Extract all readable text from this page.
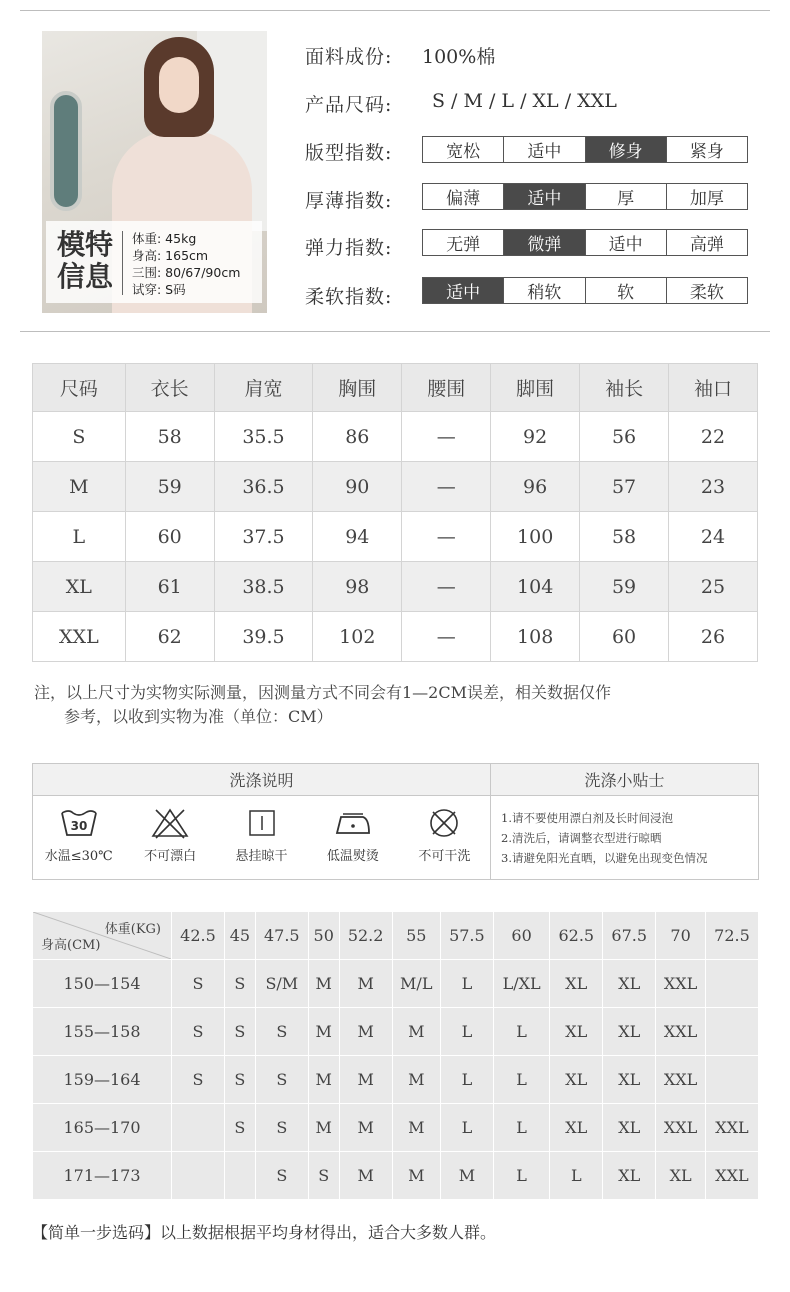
模特
信息
体重: 45kg
身高: 165cm
三围: 80/67/90cm
试穿: S码
面料成份: 100%棉
产品尺码: S / M / L / XL / XXL
版型指数:	宽松	适中	修身	紧身
厚薄指数:	偏薄	适中	厚	加厚
弹力指数:	无弹	微弹	适中	高弹
柔软指数:	适中	稍软	软	柔软
尺码	衣长	肩宽	胸围	腰围	脚围	袖长	袖口
S	58	35.5	86	—	92	56	22
M	59	36.5	90	—	96	57	23
L	60	37.5	94	—	100	58	24
XL	61	38.5	98	—	104	59	25
XXL	62	39.5	102	—	108	60	26
注，以上尺寸为实物实际测量，因测量方式不同会有1—2CM误差，相关数据仅作
参考，以收到实物为准（单位：CM）
洗涤说明	洗涤小贴士
30
水温≤30℃ 不可漂白	悬挂晾干	低温熨烫	不可干洗
1.请不要使用漂白剂及长时间浸泡
2.清洗后，请调整衣型进行晾晒
3.请避免阳光直晒，以避免出现变色情况
体重(KG)
身高(CM)	42.5	45	47.5	50	52.2	55	57.5	60	62.5	67.5	70	72.5
150—154	S	S	S/M	M	M	M/L	L	L/XL	XL	XL	XXL	
155—158	S	S	S	M	M	M	L	L	XL	XL	XXL	
159—164	S	S	S	M	M	M	L	L	XL	XL	XXL	
165—170		S	S	M	M	M	L	L	XL	XL	XXL	XXL
171—173			S	S	M	M	M	L	L	XL	XL	XXL
【简单一步选码】以上数据根据平均身材得出，适合大多数人群。
